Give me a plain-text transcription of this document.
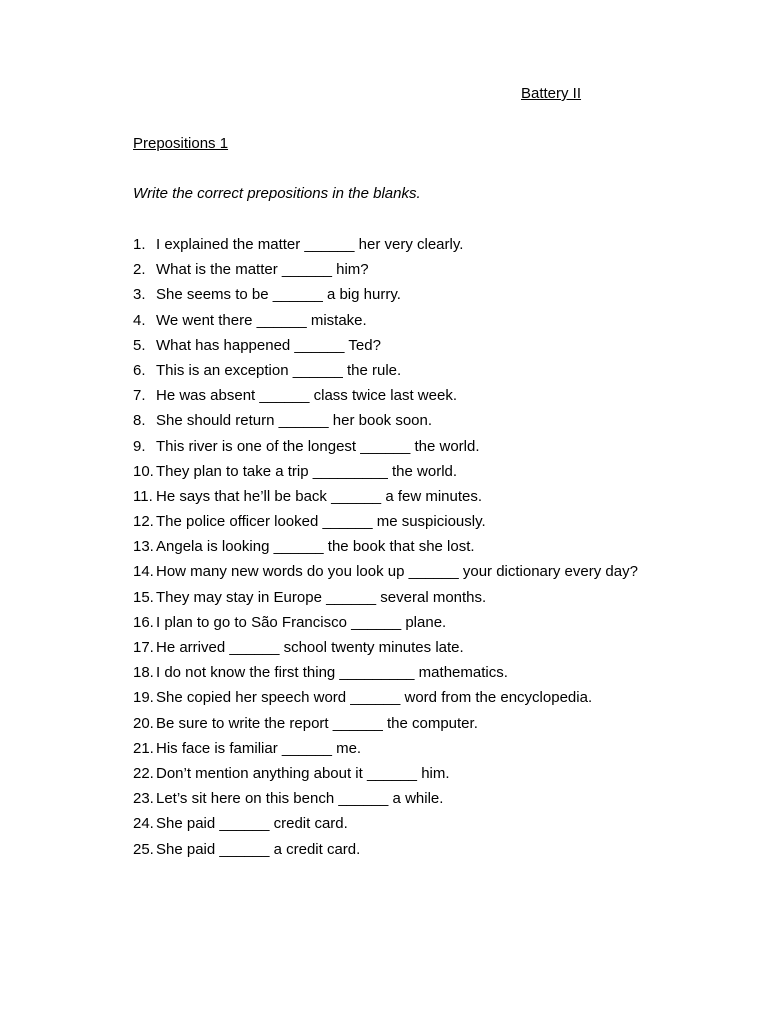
Battery II
Prepositions 1
Write the correct prepositions in the blanks.
1. I explained the matter ______ her very clearly.
2. What is the matter ______ him?
3. She seems to be ______ a big hurry.
4. We went there ______ mistake.
5. What has happened ______ Ted?
6. This is an exception ______ the rule.
7. He was absent ______ class twice last week.
8. She should return ______ her book soon.
9. This river is one of the longest ______ the world.
10. They plan to take a trip _________ the world.
11. He says that he’ll be back ______ a few minutes.
12. The police officer looked ______ me suspiciously.
13. Angela is looking ______ the book that she lost.
14. How many new words do you look up ______ your dictionary every day?
15. They may stay in Europe ______ several months.
16. I plan to go to São Francisco ______ plane.
17. He arrived ______ school twenty minutes late.
18. I do not know the first thing _________ mathematics.
19. She copied her speech word ______ word from the encyclopedia.
20. Be sure to write the report ______ the computer.
21. His face is familiar ______ me.
22. Don’t mention anything about it ______ him.
23. Let’s sit here on this bench ______ a while.
24. She paid ______ credit card.
25. She paid ______ a credit card.
